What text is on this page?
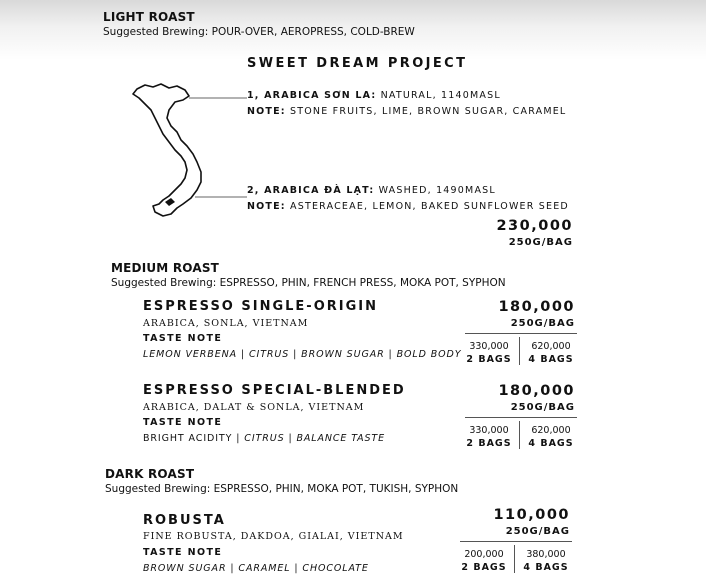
LIGHT ROAST
Suggested Brewing: POUR-OVER, AEROPRESS, COLD-BREW
SWEET DREAM PROJECT
1, ARABICA SƠN LA: NATURAL, 1140MASL
NOTE: STONE FRUITS, LIME, BROWN SUGAR, CARAMEL
2, ARABICA ĐÀ LẠT: WASHED, 1490MASL
NOTE: ASTERACEAE, LEMON, BAKED SUNFLOWER SEED
230,000
250G/BAG
MEDIUM ROAST
Suggested Brewing: ESPRESSO, PHIN, FRENCH PRESS, MOKA POT, SYPHON
ESPRESSO SINGLE-ORIGIN
ARABICA, SONLA, VIETNAM
TASTE NOTE
LEMON VERBENA | CITRUS | BROWN SUGAR | BOLD BODY
180,000
250G/BAG
330,000
2 BAGS
620,000
4 BAGS
ESPRESSO SPECIAL-BLENDED
ARABICA, DALAT & SONLA, VIETNAM
TASTE NOTE
BRIGHT ACIDITY | CITRUS | BALANCE TASTE
180,000
250G/BAG
330,000
2 BAGS
620,000
4 BAGS
DARK ROAST
Suggested Brewing: ESPRESSO, PHIN, MOKA POT, TUKISH, SYPHON
ROBUSTA
FINE ROBUSTA, DAKDOA, GIALAI, VIETNAM
TASTE NOTE
BROWN SUGAR | CARAMEL | CHOCOLATE
110,000
250G/BAG
200,000
2 BAGS
380,000
4 BAGS
